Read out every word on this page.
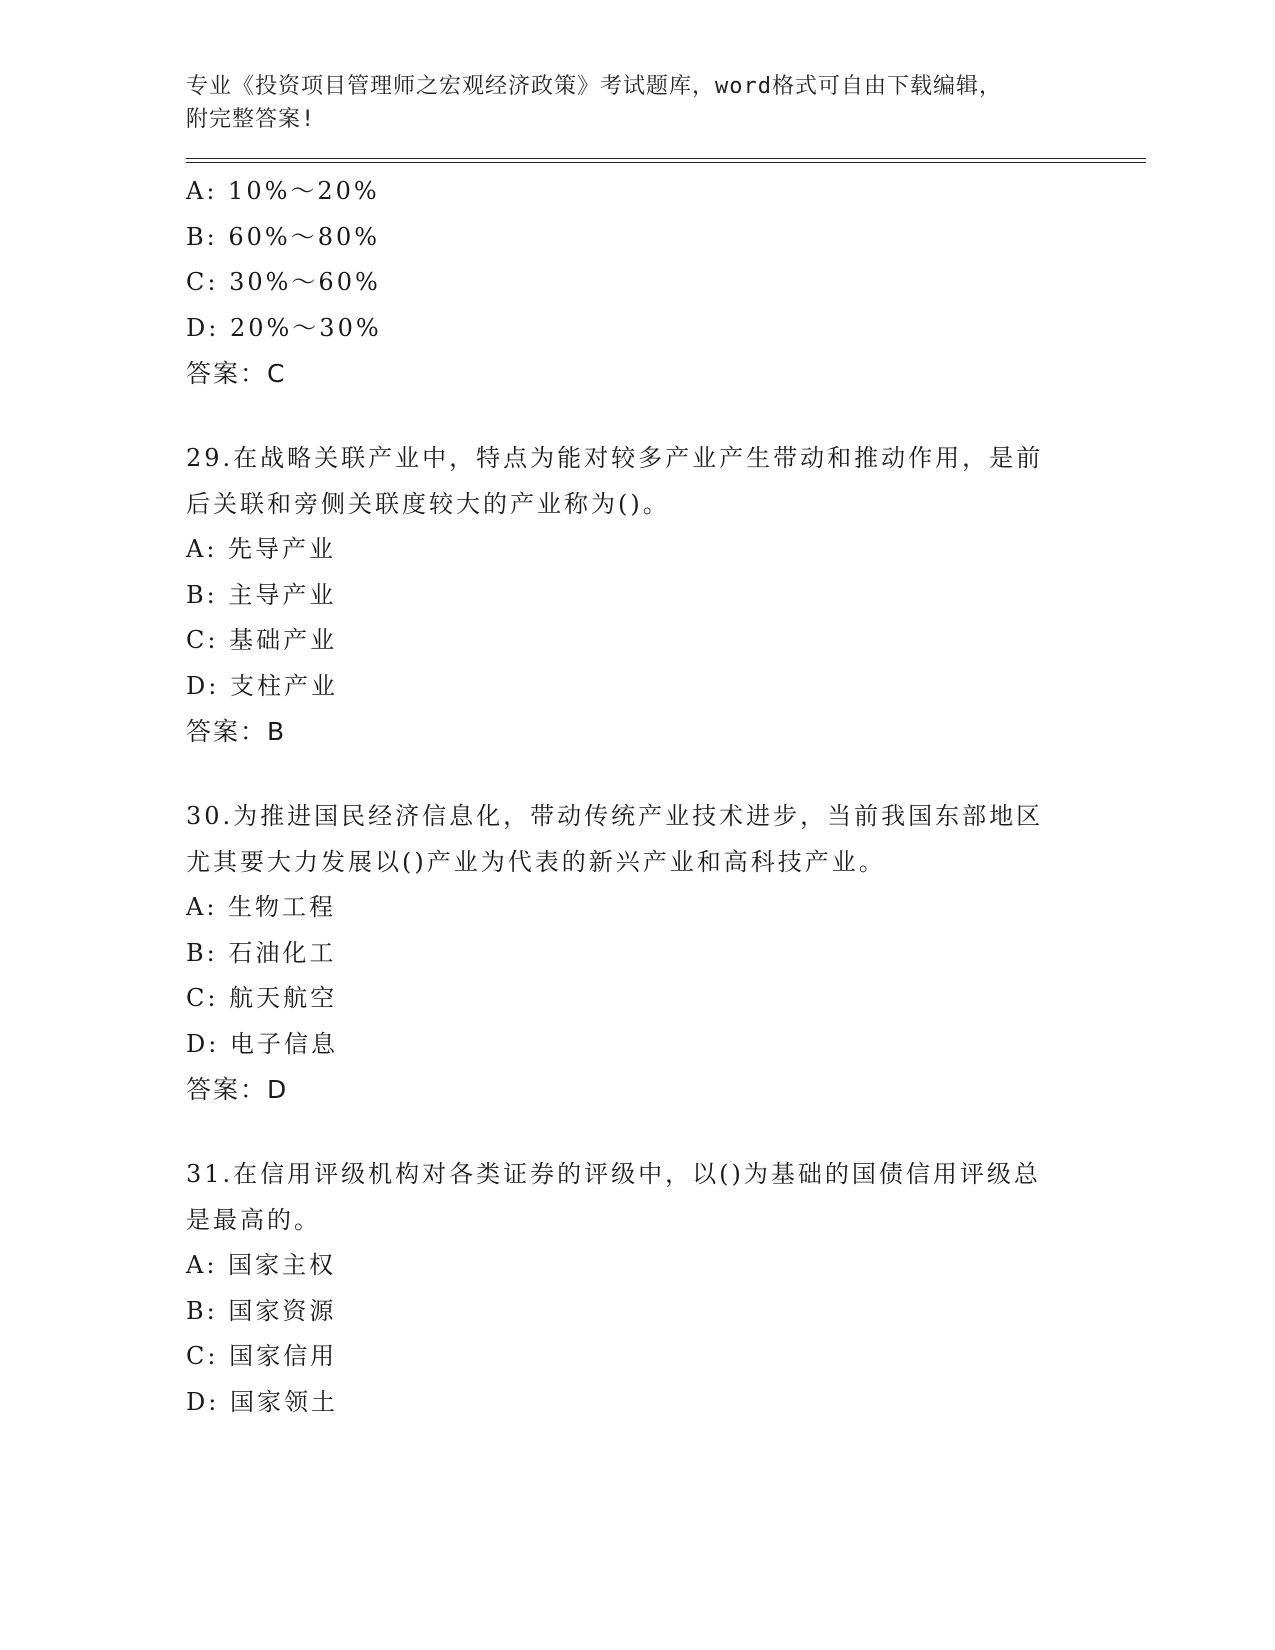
专业《投资项目管理师之宏观经济政策》考试题库，word格式可自由下载编辑，
附完整答案!
A: 10%～20%
B: 60%～80%
C: 30%～60%
D: 20%～30%
答案：C
29.在战略关联产业中，特点为能对较多产业产生带动和推动作用，是前后关联和旁侧关联度较大的产业称为()。
A: 先导产业
B: 主导产业
C: 基础产业
D: 支柱产业
答案：B
30.为推进国民经济信息化，带动传统产业技术进步，当前我国东部地区尤其要大力发展以()产业为代表的新兴产业和高科技产业。
A: 生物工程
B: 石油化工
C: 航天航空
D: 电子信息
答案：D
31.在信用评级机构对各类证券的评级中，以()为基础的国债信用评级总是最高的。
A: 国家主权
B: 国家资源
C: 国家信用
D: 国家领土
